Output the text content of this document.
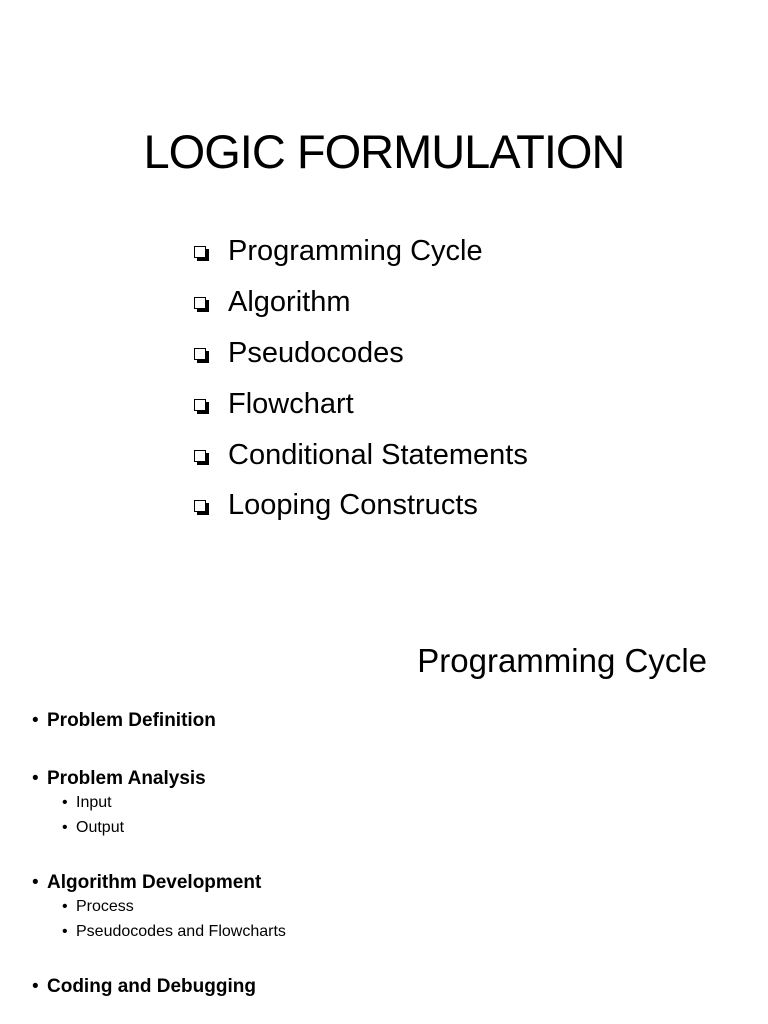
LOGIC FORMULATION
Programming Cycle
Algorithm
Pseudocodes
Flowchart
Conditional Statements
Looping Constructs
Programming Cycle
• Problem Definition
• Problem Analysis
• Input
• Output
• Algorithm Development
• Process
• Pseudocodes and Flowcharts
• Coding and Debugging
